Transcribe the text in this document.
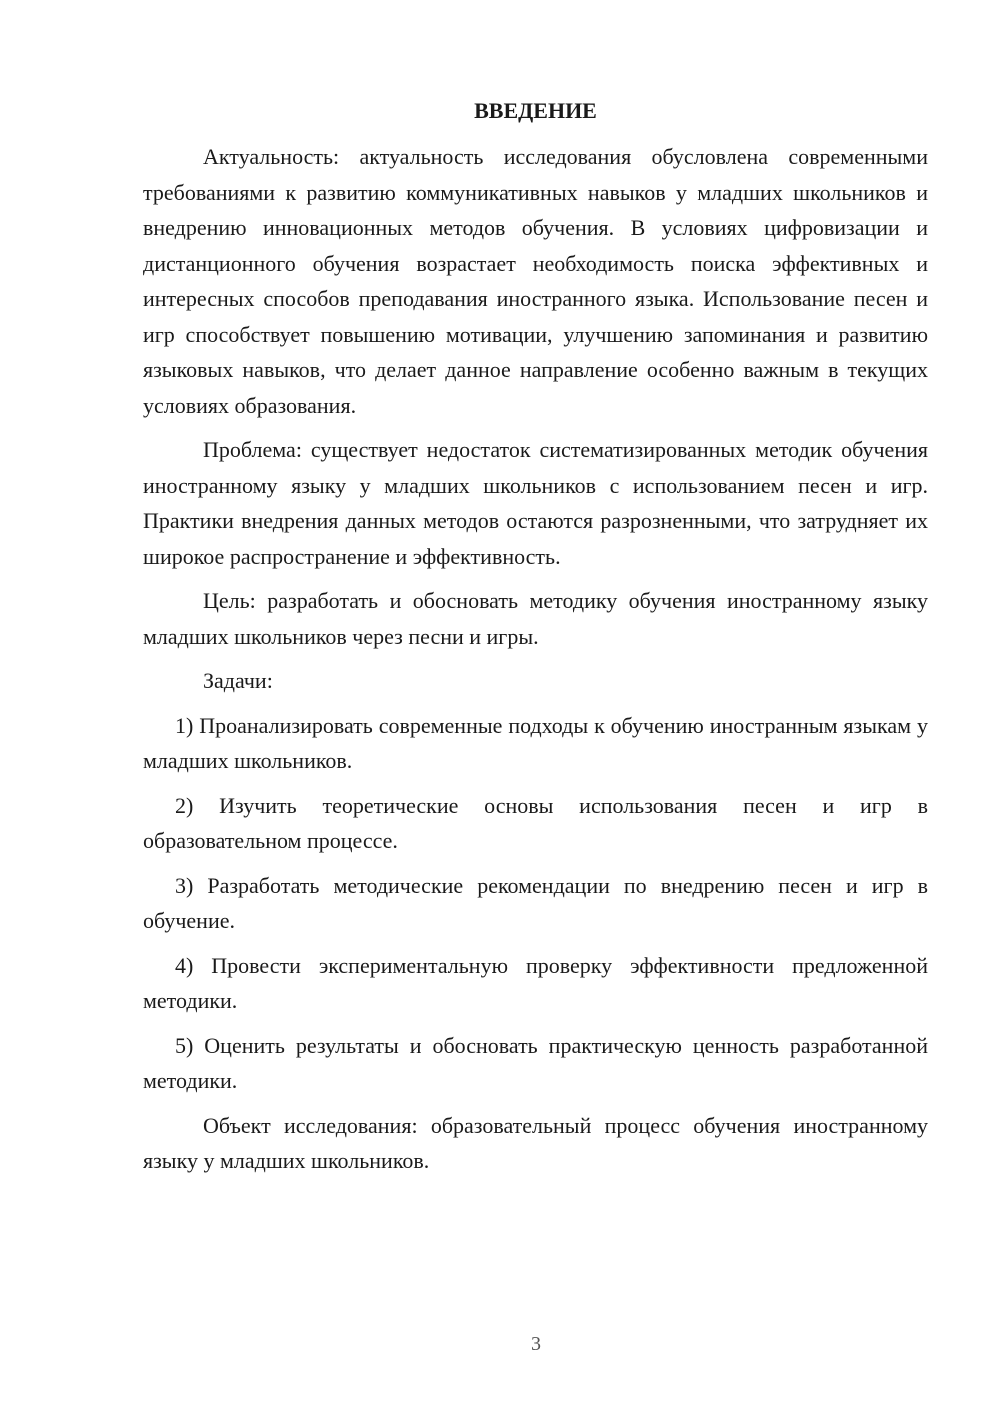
ВВЕДЕНИЕ

Актуальность: актуальность исследования обусловлена современными требованиями к развитию коммуникативных навыков у младших школьников и внедрению инновационных методов обучения. В условиях цифровизации и дистанционного обучения возрастает необходимость поиска эффективных и интересных способов преподавания иностранного языка. Использование песен и игр способствует повышению мотивации, улучшению запоминания и развитию языковых навыков, что делает данное направление особенно важным в текущих условиях образования.

Проблема: существует недостаток систематизированных методик обучения иностранному языку у младших школьников с использованием песен и игр. Практики внедрения данных методов остаются разрозненными, что затрудняет их широкое распространение и эффективность.

Цель: разработать и обосновать методику обучения иностранному языку младших школьников через песни и игры.

Задачи:

1) Проанализировать современные подходы к обучению иностранным языкам у младших школьников.

2) Изучить теоретические основы использования песен и игр в образовательном процессе.

3) Разработать методические рекомендации по внедрению песен и игр в обучение.

4) Провести экспериментальную проверку эффективности предложенной методики.

5) Оценить результаты и обосновать практическую ценность разработанной методики.

Объект исследования: образовательный процесс обучения иностранному языку у младших школьников.

3
